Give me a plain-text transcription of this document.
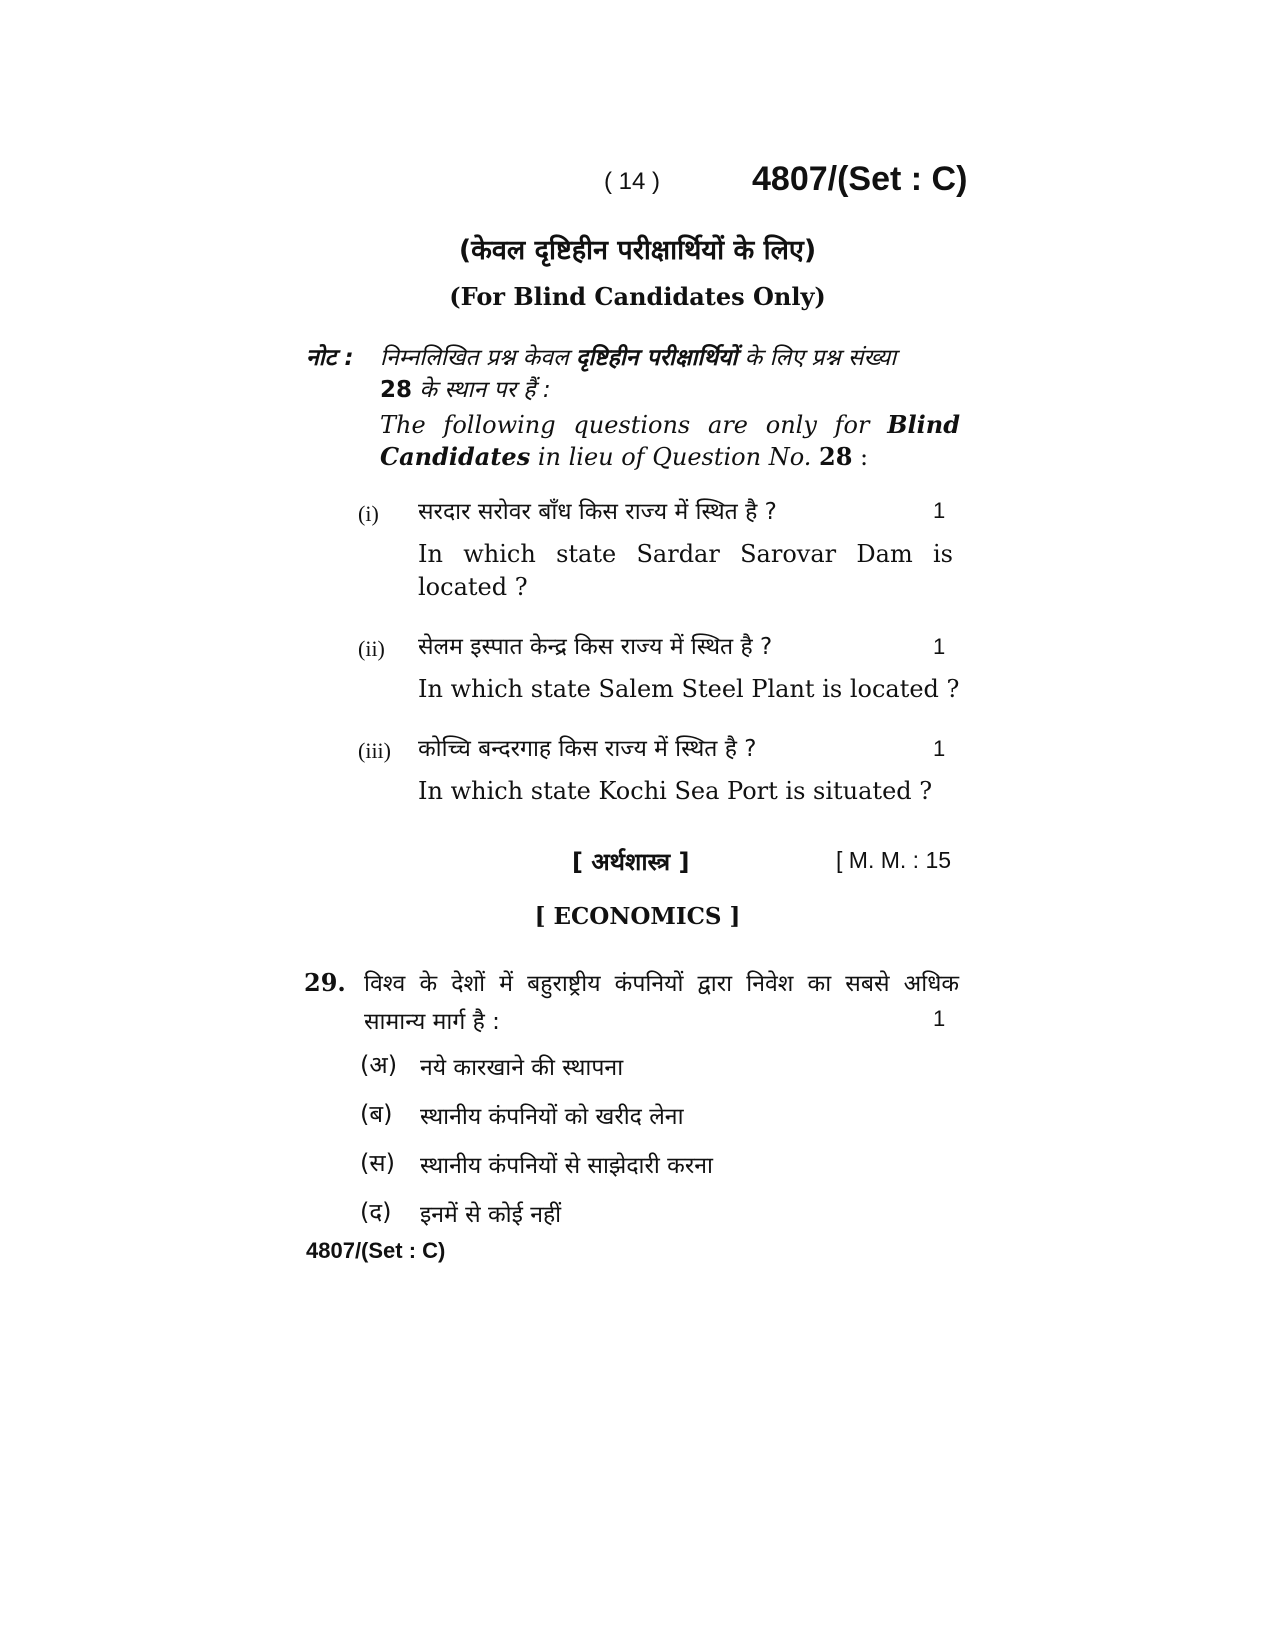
( 14 )	4807/(Set : C)
(केवल दृष्टिहीन परीक्षार्थियों के लिए)
(For Blind Candidates Only)
नोट : निम्नलिखित प्रश्न केवल दृष्टिहीन परीक्षार्थियों के लिए प्रश्न संख्या
28 के स्थान पर हैं :
The following questions are only for Blind
Candidates in lieu of Question No. 28 :
(i) सरदार सरोवर बाँध किस राज्य में स्थित है ?	1
In which state Sardar Sarovar Dam is
located ?
(ii) सेलम इस्पात केन्द्र किस राज्य में स्थित है ?	1
In which state Salem Steel Plant is located ?
(iii) कोच्चि बन्दरगाह किस राज्य में स्थित है ?	1
In which state Kochi Sea Port is situated ?
[ अर्थशास्त्र ]	[ M. M. : 15
[ ECONOMICS ]
29. विश्व के देशों में बहुराष्ट्रीय कंपनियों द्वारा निवेश का सबसे अधिक
सामान्य मार्ग है :	1
(अ) नये कारखाने की स्थापना
(ब) स्थानीय कंपनियों को खरीद लेना
(स) स्थानीय कंपनियों से साझेदारी करना
(द) इनमें से कोई नहीं
4807/(Set : C)
